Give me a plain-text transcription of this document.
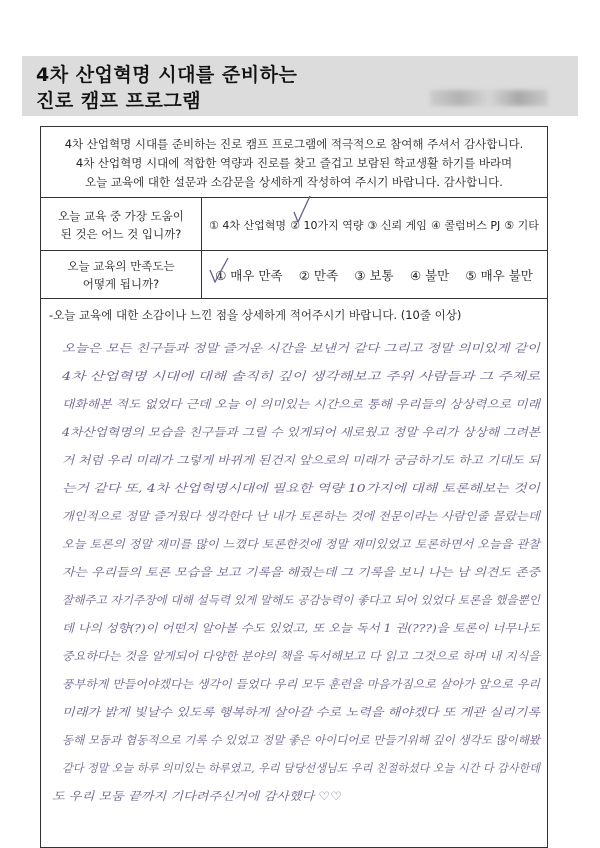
4차 산업혁명 시대를 준비하는
진로 캠프 프로그램
4차 산업혁명 시대를 준비하는 진로 캠프 프로그램에 적극적으로 참여해 주셔서 감사합니다.
4차 산업혁명 시대에 적합한 역량과 진로를 찾고 즐겁고 보람된 학교생활 하기를 바라며
오늘 교육에 대한 설문과 소감문을 상세하게 작성하여 주시기 바랍니다. 감사합니다.
오늘 교육 중 가장 도움이
된 것은 어느 것 입니까?
① 4차 산업혁명 ② 10가지 역량 ③ 신뢰 게임 ④ 콜럼버스 PJ ⑤ 기타
오늘 교육의 만족도는
어떻게 됩니까?
① 매우 만족 ② 만족 ③ 보통 ④ 불만 ⑤ 매우 불만
-오늘 교육에 대한 소감이나 느낀 점을 상세하게 적어주시기 바랍니다. (10줄 이상)
오늘은 모든 친구들과 정말 즐거운 시간을 보낸거 같다 그리고 정말 의미있게 같이
4차 산업혁명 시대에 대해 솔직히 깊이 생각해보고 주위 사람들과 그 주제로
대화해본 적도 없었다 근데 오늘 이 의미있는 시간으로 통해 우리들의 상상력으로 미래
4차산업혁명의 모습을 친구들과 그릴 수 있게되어 새로웠고 정말 우리가 상상해 그려본
거 처럼 우리 미래가 그렇게 바뀌게 된건지 앞으로의 미래가 궁금하기도 하고 기대도 되
는거 같다 또, 4차 산업혁명시대에 필요한 역량 10가지에 대해 토론해보는 것이
개인적으로 정말 즐거웠다 생각한다 난 내가 토론하는 것에 전문이라는 사람인줄 몰랐는데
오늘 토론의 정말 재미를 많이 느꼈다 토론한것에 정말 재미있었고 토론하면서 오늘을 관찰
자는 우리들의 토론 모습을 보고 기록을 해줬는데 그 기록을 보니 나는 남 의견도 존중
잘해주고 자기주장에 대해 설득력 있게 말해도 공감능력이 좋다고 되어 있었다 토론을 했을뿐인
데 나의 성향(?)이 어떤지 알아볼 수도 있었고, 또 오늘 독서 1 권(???)을 토론이 너무나도
중요하다는 것을 알게되어 다양한 분야의 책을 독서해보고 다 읽고 그것으로 하며 내 지식을
풍부하게 만들어야겠다는 생각이 들었다 우리 모두 훈련을 마음가짐으로 살아가 앞으로 우리
미래가 밝게 빛날수 있도록 행복하게 살아갈 수로 노력을 해야겠다 또 게관 실리기록
동해 모둠과 협동적으로 기록 수 있었고 정말 좋은 아이디어로 만들기위해 깊이 생각도 많이해봤
같다 정말 오늘 하루 의미있는 하루였고, 우리 담당선생님도 우리 친절하셨다 오늘 시간 다 감사한데
도 우리 모둠 끝까지 기다려주신거에 감사했다 ♡♡
